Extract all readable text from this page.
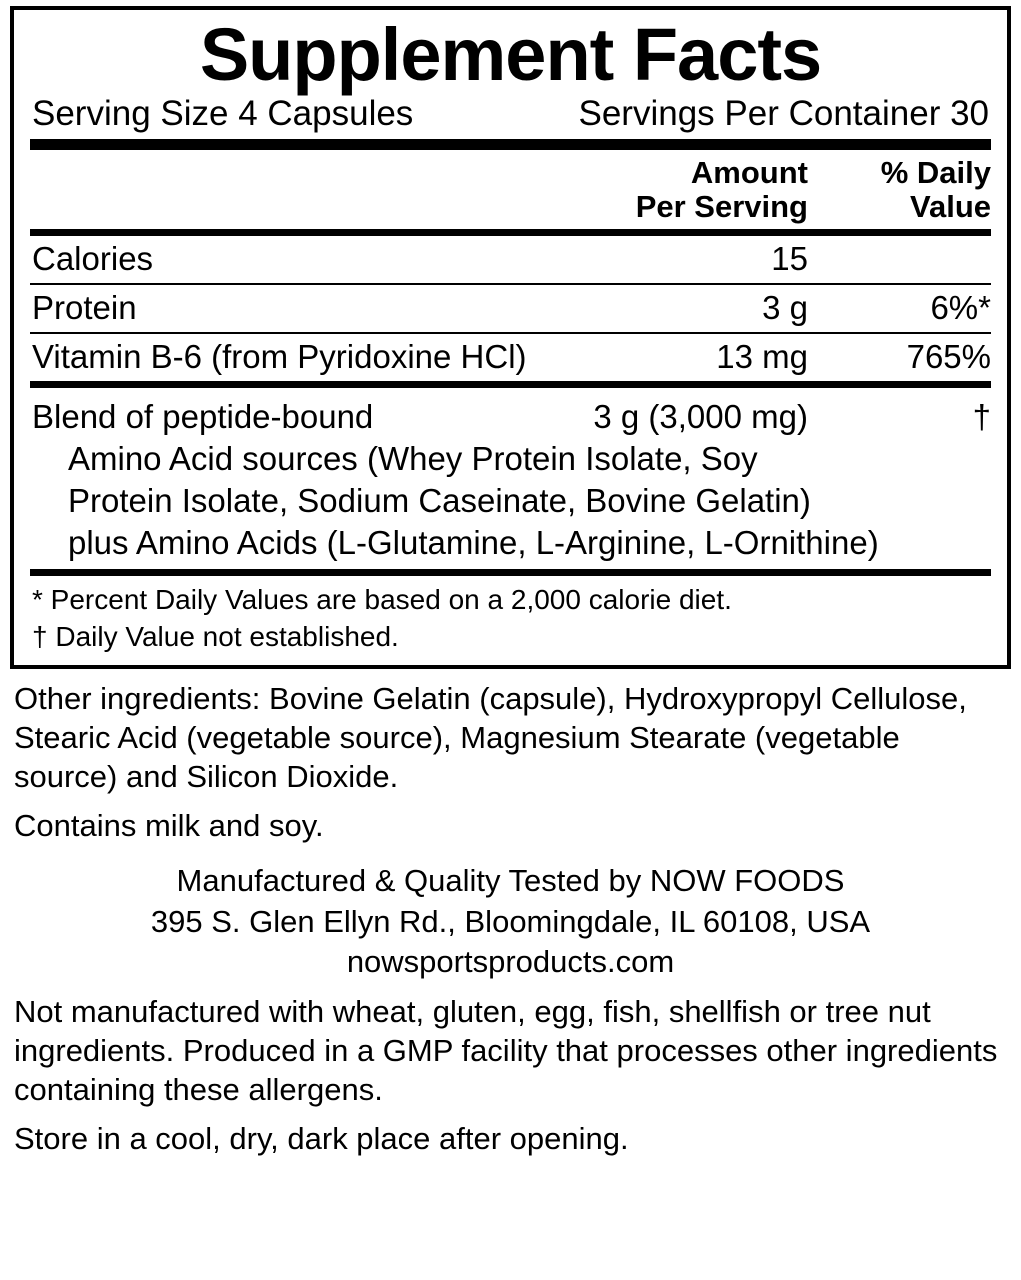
Supplement Facts
Serving Size 4 Capsules	Servings Per Container 30
Amount
Per Serving
% Daily
Value
Calories	15
Protein	3 g	6%*
Vitamin B-6 (from Pyridoxine HCl)	13 mg	765%
Blend of peptide-bound	3 g (3,000 mg)	†
Amino Acid sources (Whey Protein Isolate, Soy
Protein Isolate, Sodium Caseinate, Bovine Gelatin)
plus Amino Acids (L-Glutamine, L-Arginine, L-Ornithine)
* Percent Daily Values are based on a 2,000 calorie diet.
† Daily Value not established.
Other ingredients: Bovine Gelatin (capsule), Hydroxypropyl Cellulose, Stearic Acid (vegetable source), Magnesium Stearate (vegetable source) and Silicon Dioxide.
Contains milk and soy.
Manufactured & Quality Tested by NOW FOODS
395 S. Glen Ellyn Rd., Bloomingdale, IL 60108, USA
nowsportsproducts.com
Not manufactured with wheat, gluten, egg, fish, shellfish or tree nut ingredients. Produced in a GMP facility that processes other ingredients containing these allergens.
Store in a cool, dry, dark place after opening.
